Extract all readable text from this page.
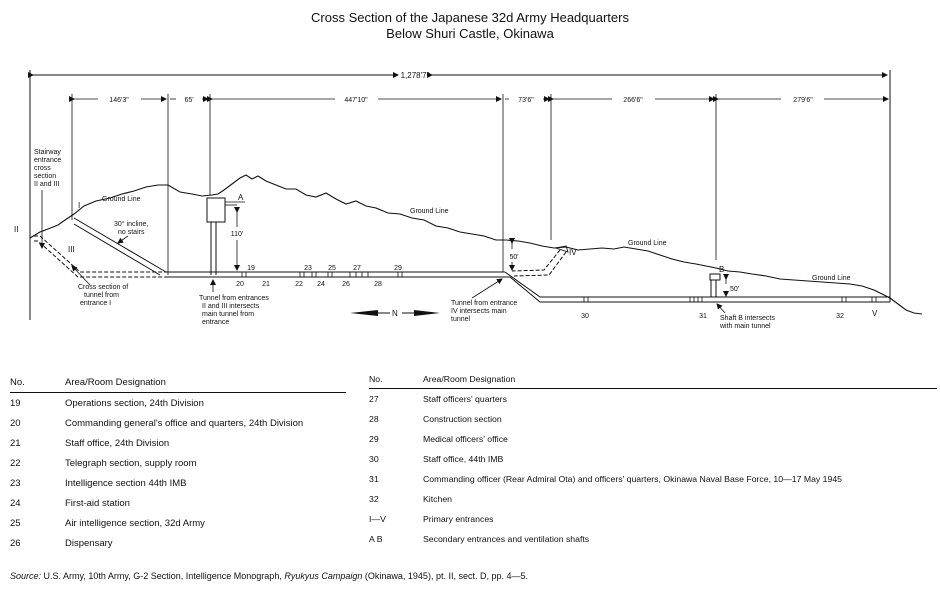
Cross Section of the Japanese 32d Army Headquarters
Below Shuri Castle, Okinawa
1,278'7"
146'3"	65'	447'10"	73'6"	266'6"	279'6"
A
110'
19	23 25 27	29
20	21	22 24 26	28
30	31	32
50'
B
50'
II
I
III	IV
V
Ground Line
Ground Line
Ground Line
Ground Line
Stairway
entrance
cross
section
II and III
30° incline,
no stairs
Cross section of
tunnel from
entrance I
Tunnel from entrances
II and III intersects
main tunnel from
entrance
N
Tunnel from entrance
IV intersects main
tunnel	Shaft B intersects
with main tunnel
No.	Area/Room Designation
19	Operations section, 24th Division
20	Commanding general's office and quarters, 24th Division
21	Staff office, 24th Division
22	Telegraph section, supply room
23	Intelligence section 44th IMB
24	First-aid station
25	Air intelligence section, 32d Army
26	Dispensary
No.	Area/Room Designation
27	Staff officers' quarters
28	Construction section
29	Medical officers' office
30	Staff office, 44th IMB
31	Commanding officer (Rear Admiral Ota) and officers' quarters, Okinawa Naval Base Force, 10—17 May 1945
32	Kitchen
I—V	Primary entrances
A B	Secondary entrances and ventilation shafts
Source: U.S. Army, 10th Army, G-2 Section, Intelligence Monograph, Ryukyus Campaign (Okinawa, 1945), pt. II, sect. D, pp. 4—5.
